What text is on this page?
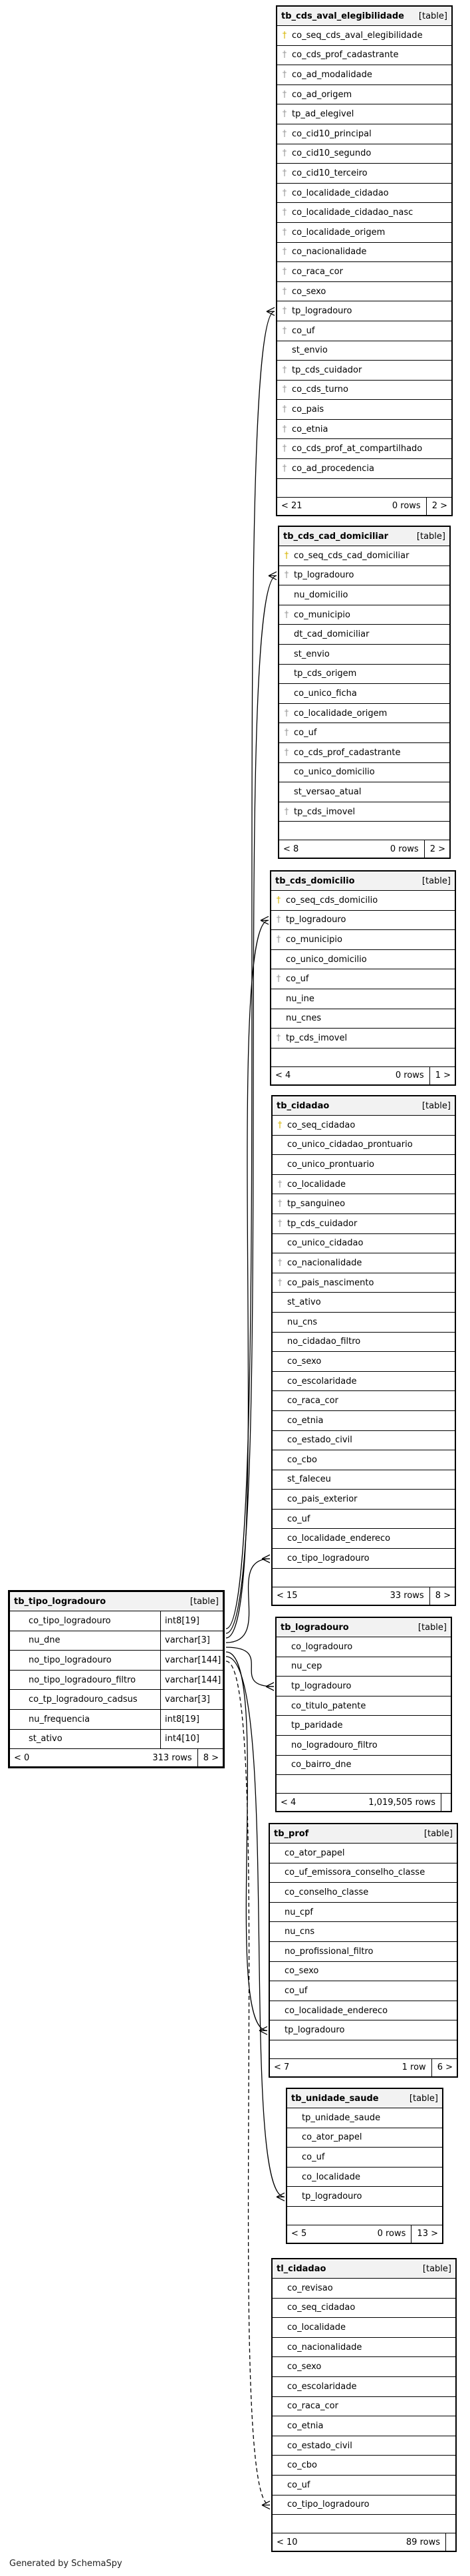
tb_cds_aval_elegibilidade [table]
† co_seq_cds_aval_elegibilidade
† co_cds_prof_cadastrante
† co_ad_modalidade
† co_ad_origem
† tp_ad_elegivel
† co_cid10_principal
† co_cid10_segundo
† co_cid10_terceiro
† co_localidade_cidadao
† co_localidade_cidadao_nasc
† co_localidade_origem
† co_nacionalidade
† co_raca_cor
† co_sexo
† tp_logradouro
† co_uf
st_envio
† tp_cds_cuidador
† co_cds_turno
† co_pais
† co_etnia
† co_cds_prof_at_compartilhado
† co_ad_procedencia
< 21	0 rows	2 >
tb_cds_cad_domiciliar	[table]
† co_seq_cds_cad_domiciliar
† tp_logradouro
nu_domicilio
† co_municipio
dt_cad_domiciliar
st_envio
tp_cds_origem
co_unico_ficha
† co_localidade_origem
† co_uf
† co_cds_prof_cadastrante
co_unico_domicilio
st_versao_atual
† tp_cds_imovel
< 8	0 rows	2 >
tb_cds_domicilio	[table]
† co_seq_cds_domicilio
† tp_logradouro
† co_municipio
co_unico_domicilio
† co_uf
nu_ine
nu_cnes
† tp_cds_imovel
< 4	0 rows	1 >
tb_cidadao	[table]
† co_seq_cidadao
co_unico_cidadao_prontuario
co_unico_prontuario
† co_localidade
† tp_sanguineo
† tp_cds_cuidador
co_unico_cidadao
† co_nacionalidade
† co_pais_nascimento
st_ativo
nu_cns
no_cidadao_filtro
co_sexo
co_escolaridade
co_raca_cor
co_etnia
co_estado_civil
co_cbo
st_faleceu
co_pais_exterior
co_uf
co_localidade_endereco
co_tipo_logradouro
< 15	33 rows	8 >
tb_logradouro	[table]
co_logradouro
nu_cep
tp_logradouro
co_titulo_patente
tp_paridade
no_logradouro_filtro
co_bairro_dne
< 4	1,019,505 rows
tb_prof	[table]
co_ator_papel
co_uf_emissora_conselho_classe
co_conselho_classe
nu_cpf
nu_cns
no_profissional_filtro
co_sexo
co_uf
co_localidade_endereco
tp_logradouro
< 7	1 row	6 >
tb_unidade_saude	[table]
tp_unidade_saude
co_ator_papel
co_uf
co_localidade
tp_logradouro
< 5	0 rows	13 >
tl_cidadao	[table]
co_revisao
co_seq_cidadao
co_localidade
co_nacionalidade
co_sexo
co_escolaridade
co_raca_cor
co_etnia
co_estado_civil
co_cbo
co_uf
co_tipo_logradouro
< 10	89 rows
tb_tipo_logradouro	[table]
co_tipo_logradouro	int8[19]
nu_dne	varchar[3]
no_tipo_logradouro	varchar[144]
no_tipo_logradouro_filtro	varchar[144]
co_tp_logradouro_cadsus	varchar[3]
nu_frequencia	int8[19]
st_ativo	int4[10]
< 0	313 rows	8 >
Generated by SchemaSpy
